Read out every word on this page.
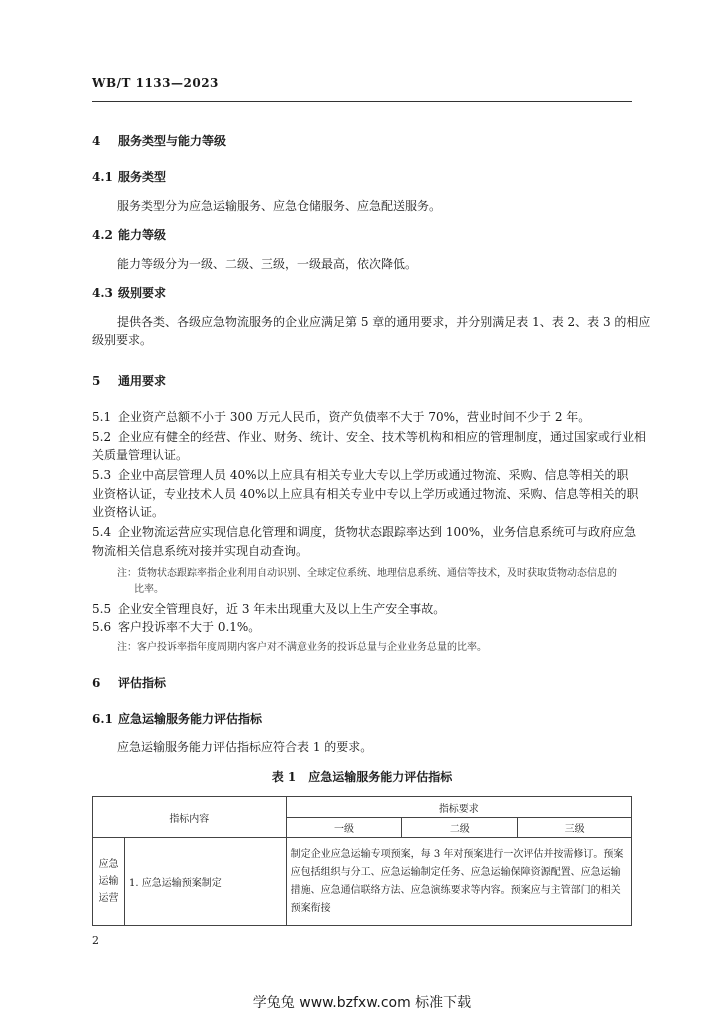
WB/T 1133—2023
4 服务类型与能力等级
4.1 服务类型
服务类型分为应急运输服务、应急仓储服务、应急配送服务。
4.2 能力等级
能力等级分为一级、二级、三级，一级最高，依次降低。
4.3 级别要求
提供各类、各级应急物流服务的企业应满足第 5 章的通用要求，并分别满足表 1、表 2、表 3 的相应
级别要求。
5 通用要求
5.1 企业资产总额不小于 300 万元人民币，资产负债率不大于 70%，营业时间不少于 2 年。
5.2 企业应有健全的经营、作业、财务、统计、安全、技术等机构和相应的管理制度，通过国家或行业相
关质量管理认证。
5.3 企业中高层管理人员 40%以上应具有相关专业大专以上学历或通过物流、采购、信息等相关的职
业资格认证，专业技术人员 40%以上应具有相关专业中专以上学历或通过物流、采购、信息等相关的职
业资格认证。
5.4 企业物流运营应实现信息化管理和调度，货物状态跟踪率达到 100%，业务信息系统可与政府应急
物流相关信息系统对接并实现自动查询。
注：货物状态跟踪率指企业利用自动识别、全球定位系统、地理信息系统、通信等技术，及时获取货物动态信息的
比率。
5.5 企业安全管理良好，近 3 年未出现重大及以上生产安全事故。
5.6 客户投诉率不大于 0.1%。
注：客户投诉率指年度周期内客户对不满意业务的投诉总量与企业业务总量的比率。
6 评估指标
6.1 应急运输服务能力评估指标
应急运输服务能力评估指标应符合表 1 的要求。
表 1　应急运输服务能力评估指标
指标内容		指标要求		
		一级	二级	三级
应急运输运营	1. 应急运输预案制定	制定企业应急运输专项预案，每 3 年对预案进行一次评估并按需修订。预案应包括组织与分工、应急运输制定任务、应急运输保障资源配置、应急运输措施、应急通信联络方法、应急演练要求等内容。预案应与主管部门的相关预案衔接		
2
学兔兔 www.bzfxw.com 标准下载
